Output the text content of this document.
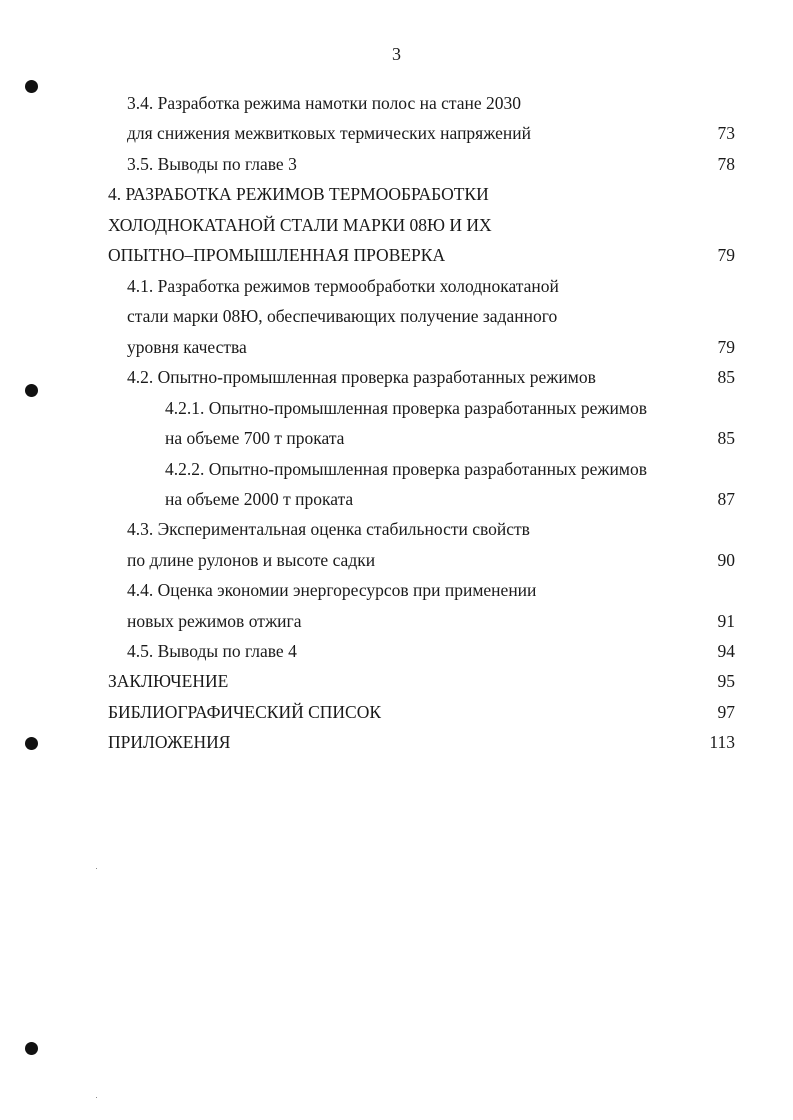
3
3.4. Разработка режима намотки полос на стане 2030
для снижения межвитковых термических напряжений	73
3.5. Выводы по главе 3	78
4. РАЗРАБОТКА РЕЖИМОВ ТЕРМООБРАБОТКИ
ХОЛОДНОКАТАНОЙ СТАЛИ МАРКИ 08Ю И ИХ
ОПЫТНО–ПРОМЫШЛЕННАЯ ПРОВЕРКА	79
4.1. Разработка режимов термообработки холоднокатаной
стали марки 08Ю, обеспечивающих получение заданного
уровня качества	79
4.2. Опытно-промышленная проверка разработанных режимов	85
4.2.1. Опытно-промышленная проверка разработанных режимов
на объеме 700 т проката	85
4.2.2. Опытно-промышленная проверка разработанных режимов
на объеме 2000 т проката	87
4.3. Экспериментальная оценка стабильности свойств
по длине рулонов и высоте садки	90
4.4. Оценка экономии энергоресурсов при применении
новых режимов отжига	91
4.5. Выводы по главе 4	94
ЗАКЛЮЧЕНИЕ	95
БИБЛИОГРАФИЧЕСКИЙ СПИСОК	97
ПРИЛОЖЕНИЯ	113
